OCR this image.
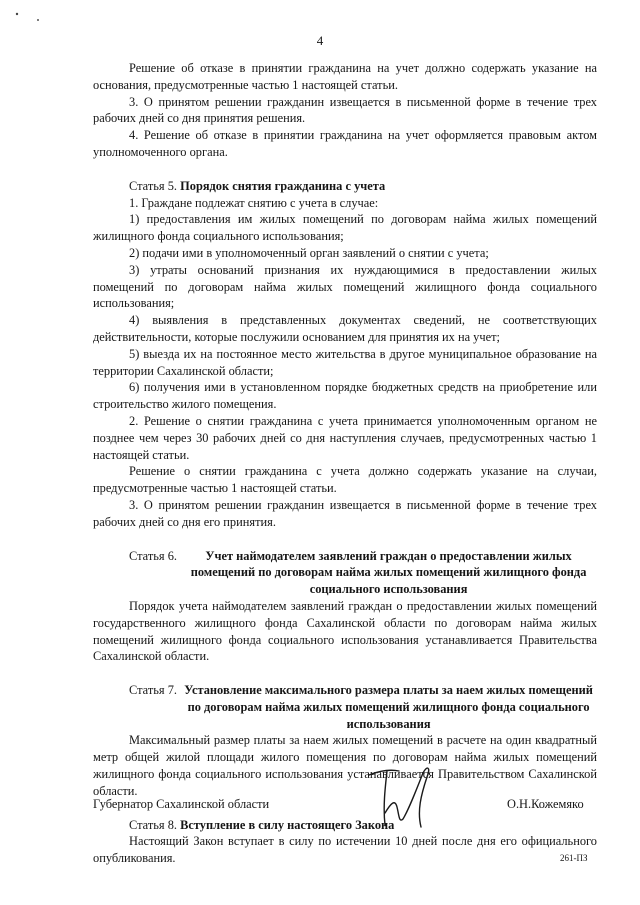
4

Решение об отказе в принятии гражданина на учет должно содержать указание на основания, предусмотренные частью 1 настоящей статьи.

3. О принятом решении гражданин извещается в письменной форме в течение трех рабочих дней со дня принятия решения.

4. Решение об отказе в принятии гражданина на учет оформляется правовым актом уполномоченного органа.

Статья 5. Порядок снятия гражданина с учета

1. Граждане подлежат снятию с учета в случае:

1) предоставления им жилых помещений по договорам найма жилых помещений жилищного фонда социального использования;

2) подачи ими в уполномоченный орган заявлений о снятии с учета;

3) утраты оснований признания их нуждающимися в предоставлении жилых помещений по договорам найма жилых помещений жилищного фонда социального использования;

4) выявления в представленных документах сведений, не соответствующих действительности, которые послужили основанием для принятия их на учет;

5) выезда их на постоянное место жительства в другое муниципальное образование на территории Сахалинской области;

6) получения ими в установленном порядке бюджетных средств на приобретение или строительство жилого помещения.

2. Решение о снятии гражданина с учета принимается уполномоченным органом не позднее чем через 30 рабочих дней со дня наступления случаев, предусмотренных частью 1 настоящей статьи.

Решение о снятии гражданина с учета должно содержать указание на случаи, предусмотренные частью 1 настоящей статьи.

3. О принятом решении гражданин извещается в письменной форме в течение трех рабочих дней со дня его принятия.

Статья 6.	Учет наймодателем заявлений граждан о предоставлении жилых помещений по договорам найма жилых помещений жилищного фонда социального использования

Порядок учета наймодателем заявлений граждан о предоставлении жилых помещений государственного жилищного фонда Сахалинской области по договорам найма жилых помещений жилищного фонда социального использования устанавливается Правительства Сахалинской области.

Статья 7. Установление максимального размера платы за наем жилых помещений по договорам найма жилых помещений жилищного фонда социального использования

Максимальный размер платы за наем жилых помещений в расчете на один квадратный метр общей жилой площади жилого помещения по договорам найма жилых помещений жилищного фонда социального использования устанавливается Правительством Сахалинской области.

Статья 8. Вступление в силу настоящего Закона

Настоящий Закон вступает в силу по истечении 10 дней после дня его официального опубликования.

Губернатор Сахалинской области	О.Н.Кожемяко
261-ПЗ
